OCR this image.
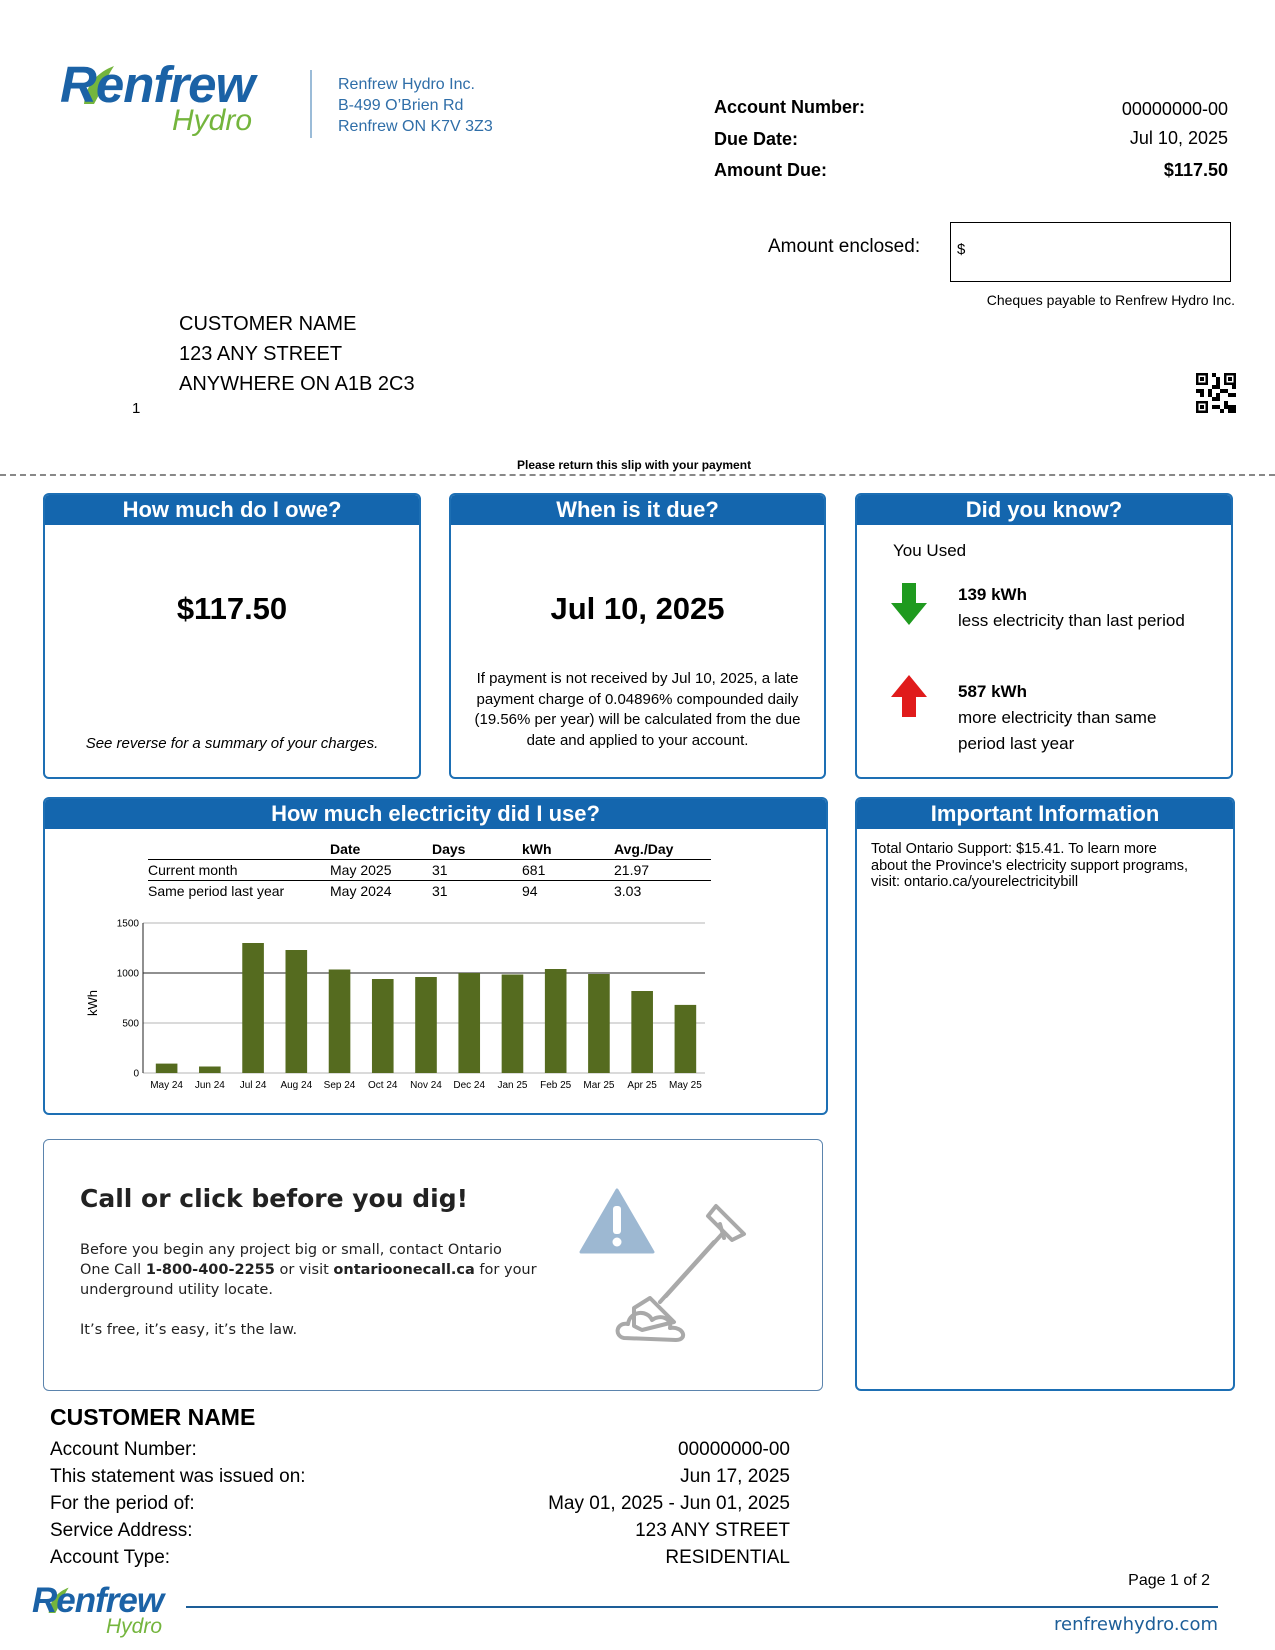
Renfrew
Hydro
Renfrew Hydro Inc.
B-499 O’Brien Rd
Renfrew ON K7V 3Z3
Account Number:	00000000-00
Due Date:	Jul 10, 2025
Amount Due:	$117.50
Amount enclosed: $
Cheques payable to Renfrew Hydro Inc.
CUSTOMER NAME
123 ANY STREET
ANYWHERE ON A1B 2C3
1
Please return this slip with your payment
How much do I owe?
$117.50
See reverse for a summary of your charges.
When is it due?
Jul 10, 2025
If payment is not received by Jul 10, 2025, a late
payment charge of 0.04896% compounded daily
(19.56% per year) will be calculated from the due
date and applied to your account.
Did you know?
You Used
139 kWh
less electricity than last period
587 kWh
more electricity than same
period last year
How much electricity did I use?
	Date	Days	kWh	Avg./Day
Current month	May 2025	31	681	21.97
Same period last year	May 2024	31	94	3.03
0
500
1000
1500
kWh
May 24 Jun 24 Jul 24 Aug 24 Sep 24 Oct 24 Nov 24 Dec 24 Jan 25 Feb 25 Mar 25 Apr 25 May 25
Important Information
Total Ontario Support: $15.41. To learn more
about the Province's electricity support programs,
visit: ontario.ca/yourelectricitybill
Call or click before you dig!
Before you begin any project big or small, contact Ontario
One Call 1-800-400-2255 or visit ontarioonecall.ca for your
underground utility locate.
It’s free, it’s easy, it’s the law.
CUSTOMER NAME
Account Number:	00000000-00
This statement was issued on:	Jun 17, 2025
For the period of:	May 01, 2025 - Jun 01, 2025
Service Address:	123 ANY STREET
Account Type:	RESIDENTIAL
Page 1 of 2
Renfrew
Hydro	renfrewhydro.com
